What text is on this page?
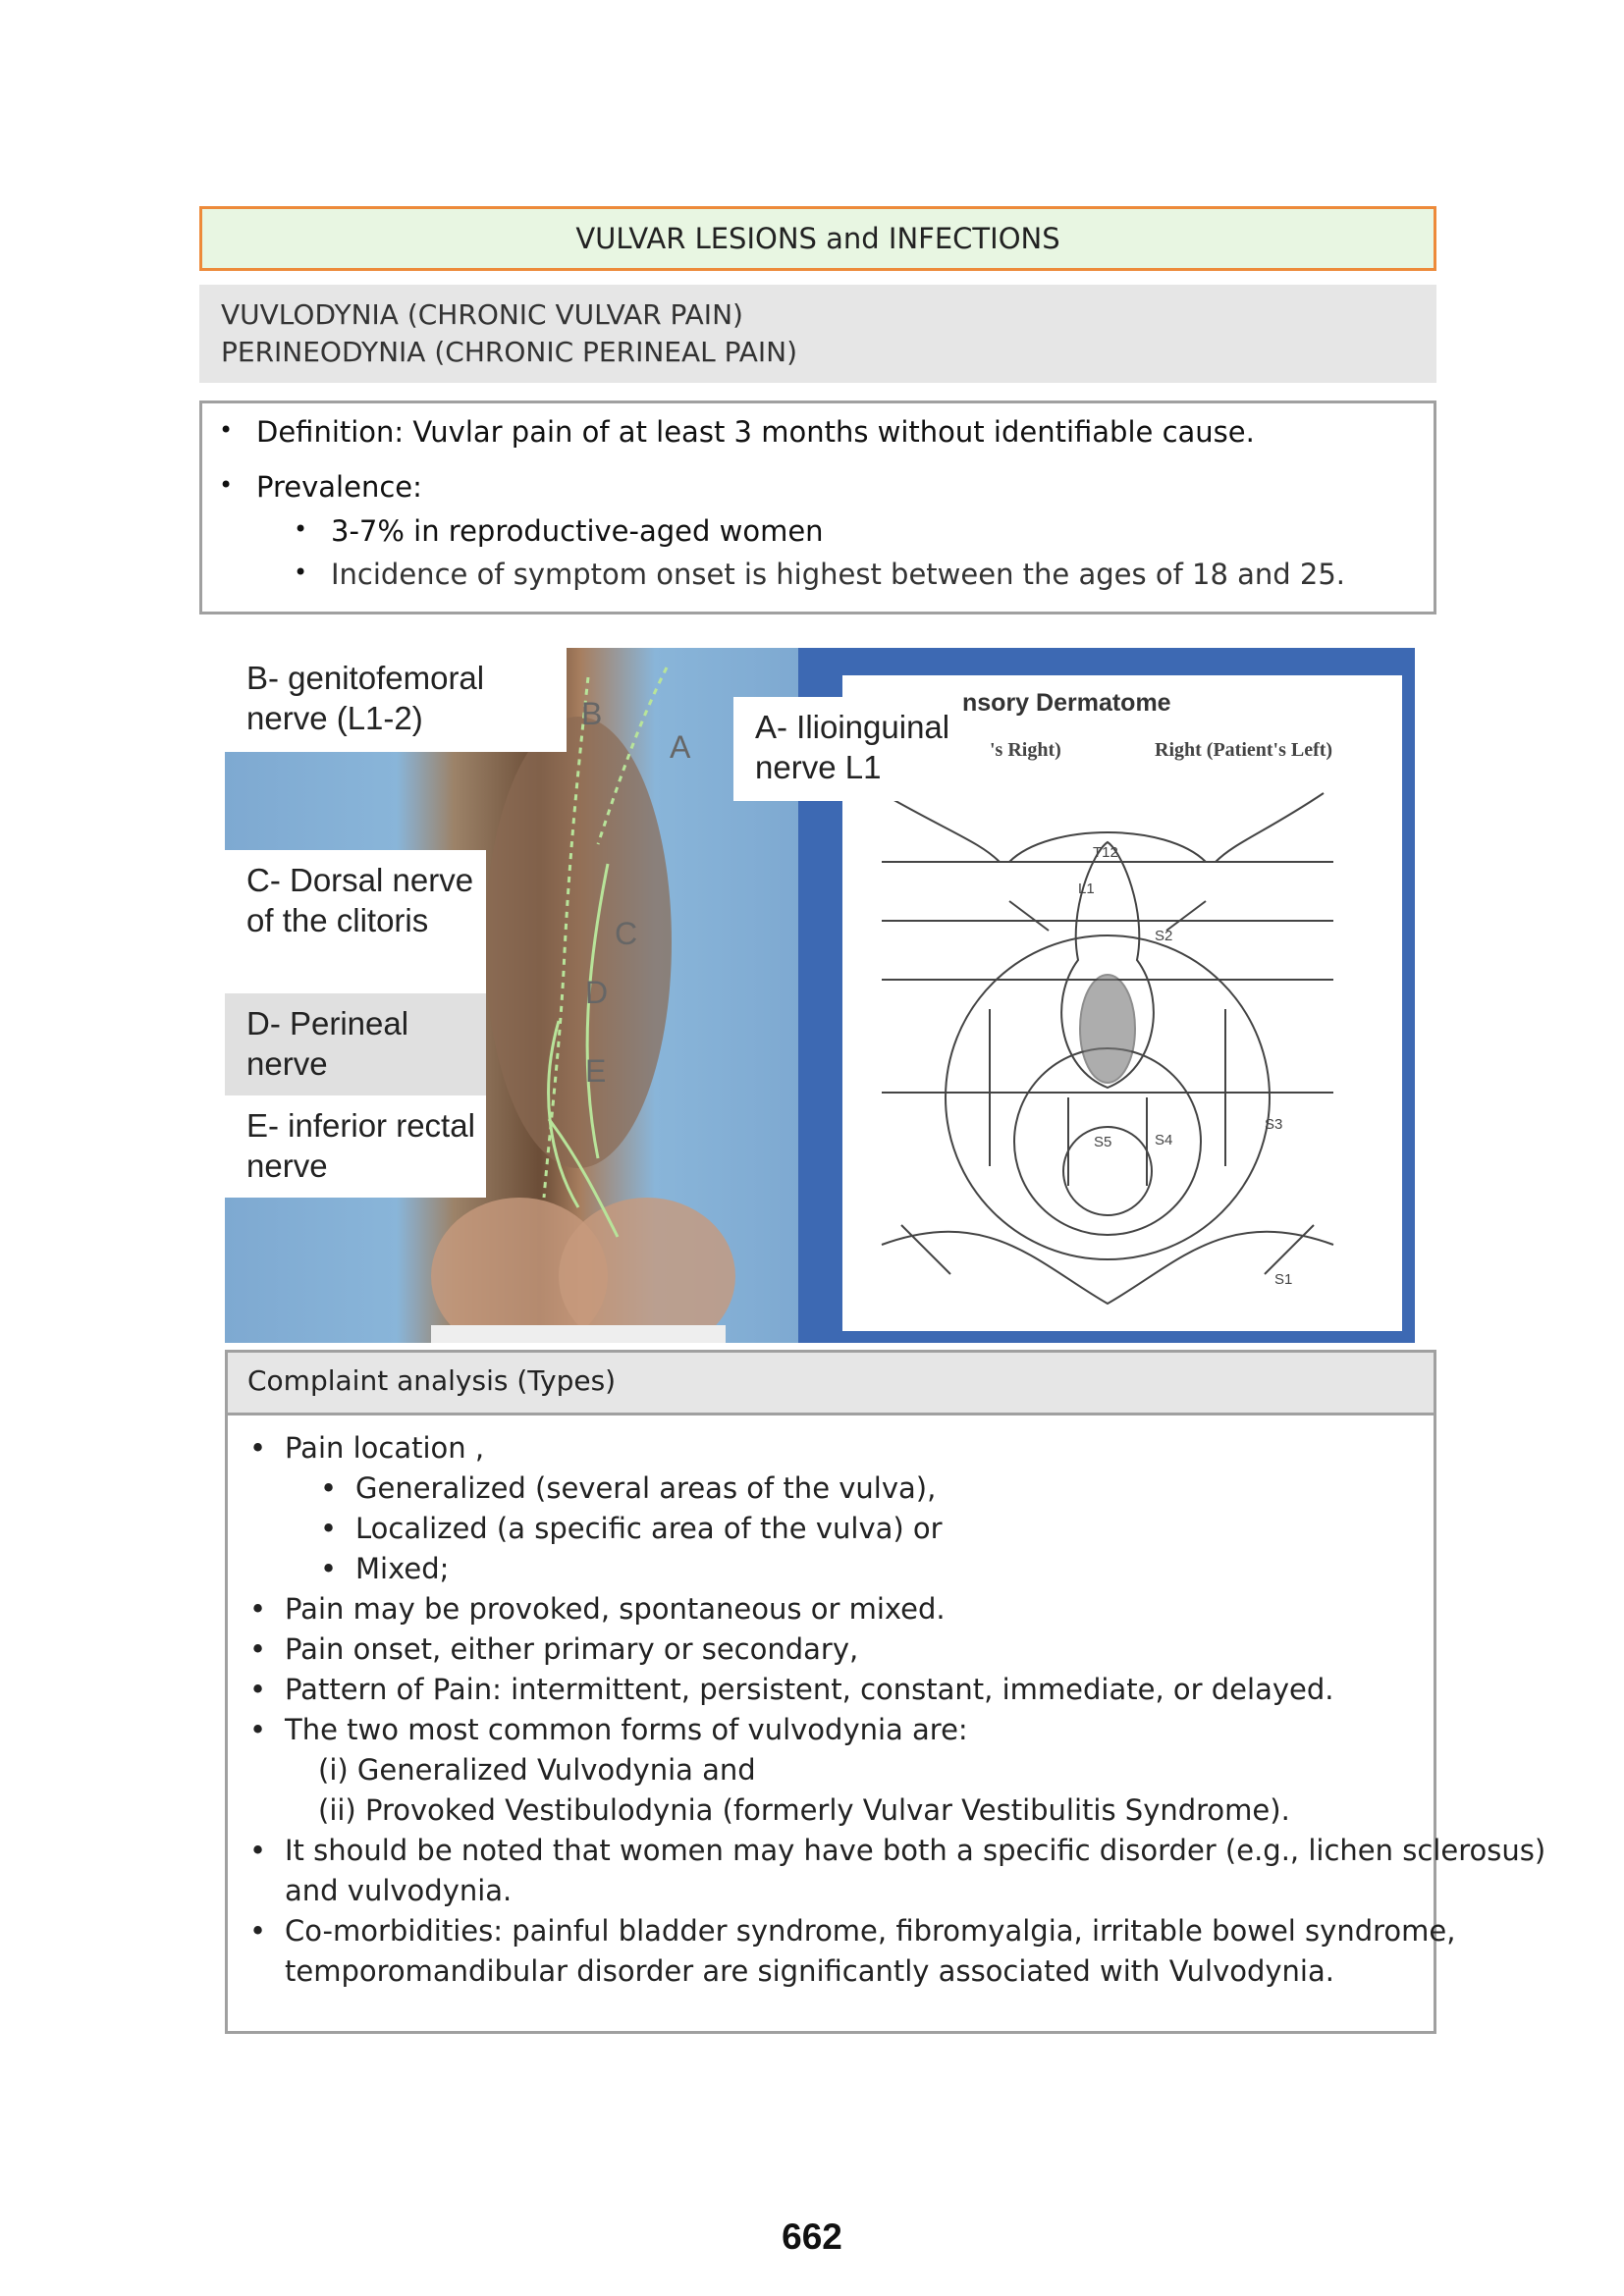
VULVAR LESIONS and INFECTIONS
VUVLODYNIA (CHRONIC VULVAR PAIN)
PERINEODYNIA (CHRONIC PERINEAL PAIN)
• Definition: Vuvlar pain of at least 3 months without identifiable cause.
• Prevalence:
• 3-7% in reproductive-aged women
• Incidence of symptom onset is highest between the ages of 18 and 25.
B
A
C
D
E
nsory Dermatome
's Right)	Right (Patient's Left)
T12
L1
S2
S3
S4
S5
S1
B- genitofemoral nerve (L1-2)	A- Ilioinguinal nerve L1
C- Dorsal nerve of the clitoris
D- Perineal nerve
E- inferior rectal nerve
Complaint analysis (Types)
• Pain location ,
• Generalized (several areas of the vulva),
• Localized (a specific area of the vulva) or
• Mixed;
• Pain may be provoked, spontaneous or mixed.
• Pain onset, either primary or secondary,
• Pattern of Pain: intermittent, persistent, constant, immediate, or delayed.
• The two most common forms of vulvodynia are:
(i) Generalized Vulvodynia and
(ii) Provoked Vestibulodynia (formerly Vulvar Vestibulitis Syndrome).
• It should be noted that women may have both a specific disorder (e.g., lichen sclerosus)
and vulvodynia.
• Co-morbidities: painful bladder syndrome, fibromyalgia, irritable bowel syndrome,
temporomandibular disorder are significantly associated with Vulvodynia.
662
